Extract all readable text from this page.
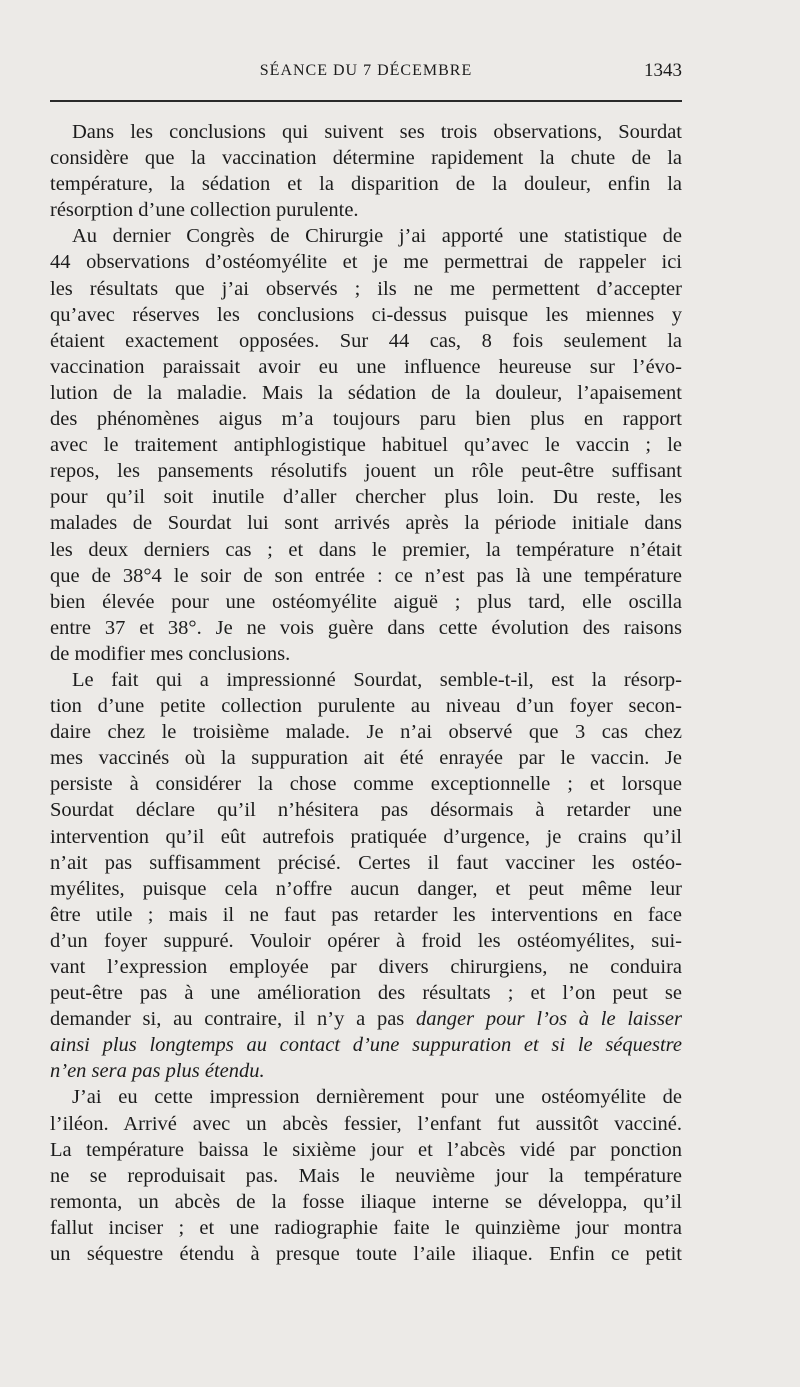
SÉANCE DU 7 DÉCEMBRE	1343
Dans les conclusions qui suivent ses trois observations, Sourdat
considère que la vaccination détermine rapidement la chute de la
température, la sédation et la disparition de la douleur, enfin la
résorption d’une collection purulente.
Au dernier Congrès de Chirurgie j’ai apporté une statistique de
44 observations d’ostéomyélite et je me permettrai de rappeler ici
les résultats que j’ai observés ; ils ne me permettent d’accepter
qu’avec réserves les conclusions ci-dessus puisque les miennes y
étaient exactement opposées. Sur 44 cas, 8 fois seulement la
vaccination paraissait avoir eu une influence heureuse sur l’évo-
lution de la maladie. Mais la sédation de la douleur, l’apaisement
des phénomènes aigus m’a toujours paru bien plus en rapport
avec le traitement antiphlogistique habituel qu’avec le vaccin ; le
repos, les pansements résolutifs jouent un rôle peut-être suffisant
pour qu’il soit inutile d’aller chercher plus loin. Du reste, les
malades de Sourdat lui sont arrivés après la période initiale dans
les deux derniers cas ; et dans le premier, la température n’était
que de 38°4 le soir de son entrée : ce n’est pas là une température
bien élevée pour une ostéomyélite aiguë ; plus tard, elle oscilla
entre 37 et 38°. Je ne vois guère dans cette évolution des raisons
de modifier mes conclusions.
Le fait qui a impressionné Sourdat, semble-t-il, est la résorp-
tion d’une petite collection purulente au niveau d’un foyer secon-
daire chez le troisième malade. Je n’ai observé que 3 cas chez
mes vaccinés où la suppuration ait été enrayée par le vaccin. Je
persiste à considérer la chose comme exceptionnelle ; et lorsque
Sourdat déclare qu’il n’hésitera pas désormais à retarder une
intervention qu’il eût autrefois pratiquée d’urgence, je crains qu’il
n’ait pas suffisamment précisé. Certes il faut vacciner les ostéo-
myélites, puisque cela n’offre aucun danger, et peut même leur
être utile ; mais il ne faut pas retarder les interventions en face
d’un foyer suppuré. Vouloir opérer à froid les ostéomyélites, sui-
vant l’expression employée par divers chirurgiens, ne conduira
peut-être pas à une amélioration des résultats ; et l’on peut se
demander si, au contraire, il n’y a pas danger pour l’os à le laisser
ainsi plus longtemps au contact d’une suppuration et si le séquestre
n’en sera pas plus étendu.
J’ai eu cette impression dernièrement pour une ostéomyélite de
l’iléon. Arrivé avec un abcès fessier, l’enfant fut aussitôt vacciné.
La température baissa le sixième jour et l’abcès vidé par ponction
ne se reproduisait pas. Mais le neuvième jour la température
remonta, un abcès de la fosse iliaque interne se développa, qu’il
fallut inciser ; et une radiographie faite le quinzième jour montra
un séquestre étendu à presque toute l’aile iliaque. Enfin ce petit
